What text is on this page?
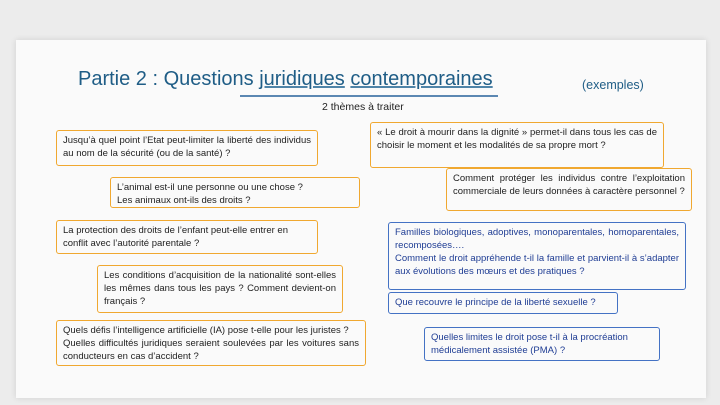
Partie 2 : Questions juridiques contemporaines	(exemples)
2 thèmes à traiter
Jusqu’à quel point l’Etat peut-limiter la liberté des individus au nom de la sécurité (ou de la santé) ?
L’animal est-il une personne ou une chose ?
Les animaux ont-ils des droits ?
La protection des droits de l’enfant peut-elle entrer en conflit avec l’autorité parentale ?
Les conditions d’acquisition de la nationalité sont-elles les mêmes dans tous les pays ? Comment devient-on français ?
Quels défis l’intelligence artificielle (IA) pose t-elle pour les juristes ?
Quelles difficultés juridiques seraient soulevées par les voitures sans conducteurs en cas d’accident ?
« Le droit à mourir dans la dignité » permet-il dans tous les cas de choisir le moment et les modalités de sa propre mort ?
Comment protéger les individus contre l’exploitation commerciale de leurs données à caractère personnel ?
Familles biologiques, adoptives, monoparentales, homoparentales, recomposées….
Comment le droit appréhende t-il la famille et parvient-il à s’adapter aux évolutions des mœurs et des pratiques ?
Que recouvre le principe de la liberté sexuelle ?
Quelles limites le droit pose t-il à la procréation médicalement assistée (PMA) ?
